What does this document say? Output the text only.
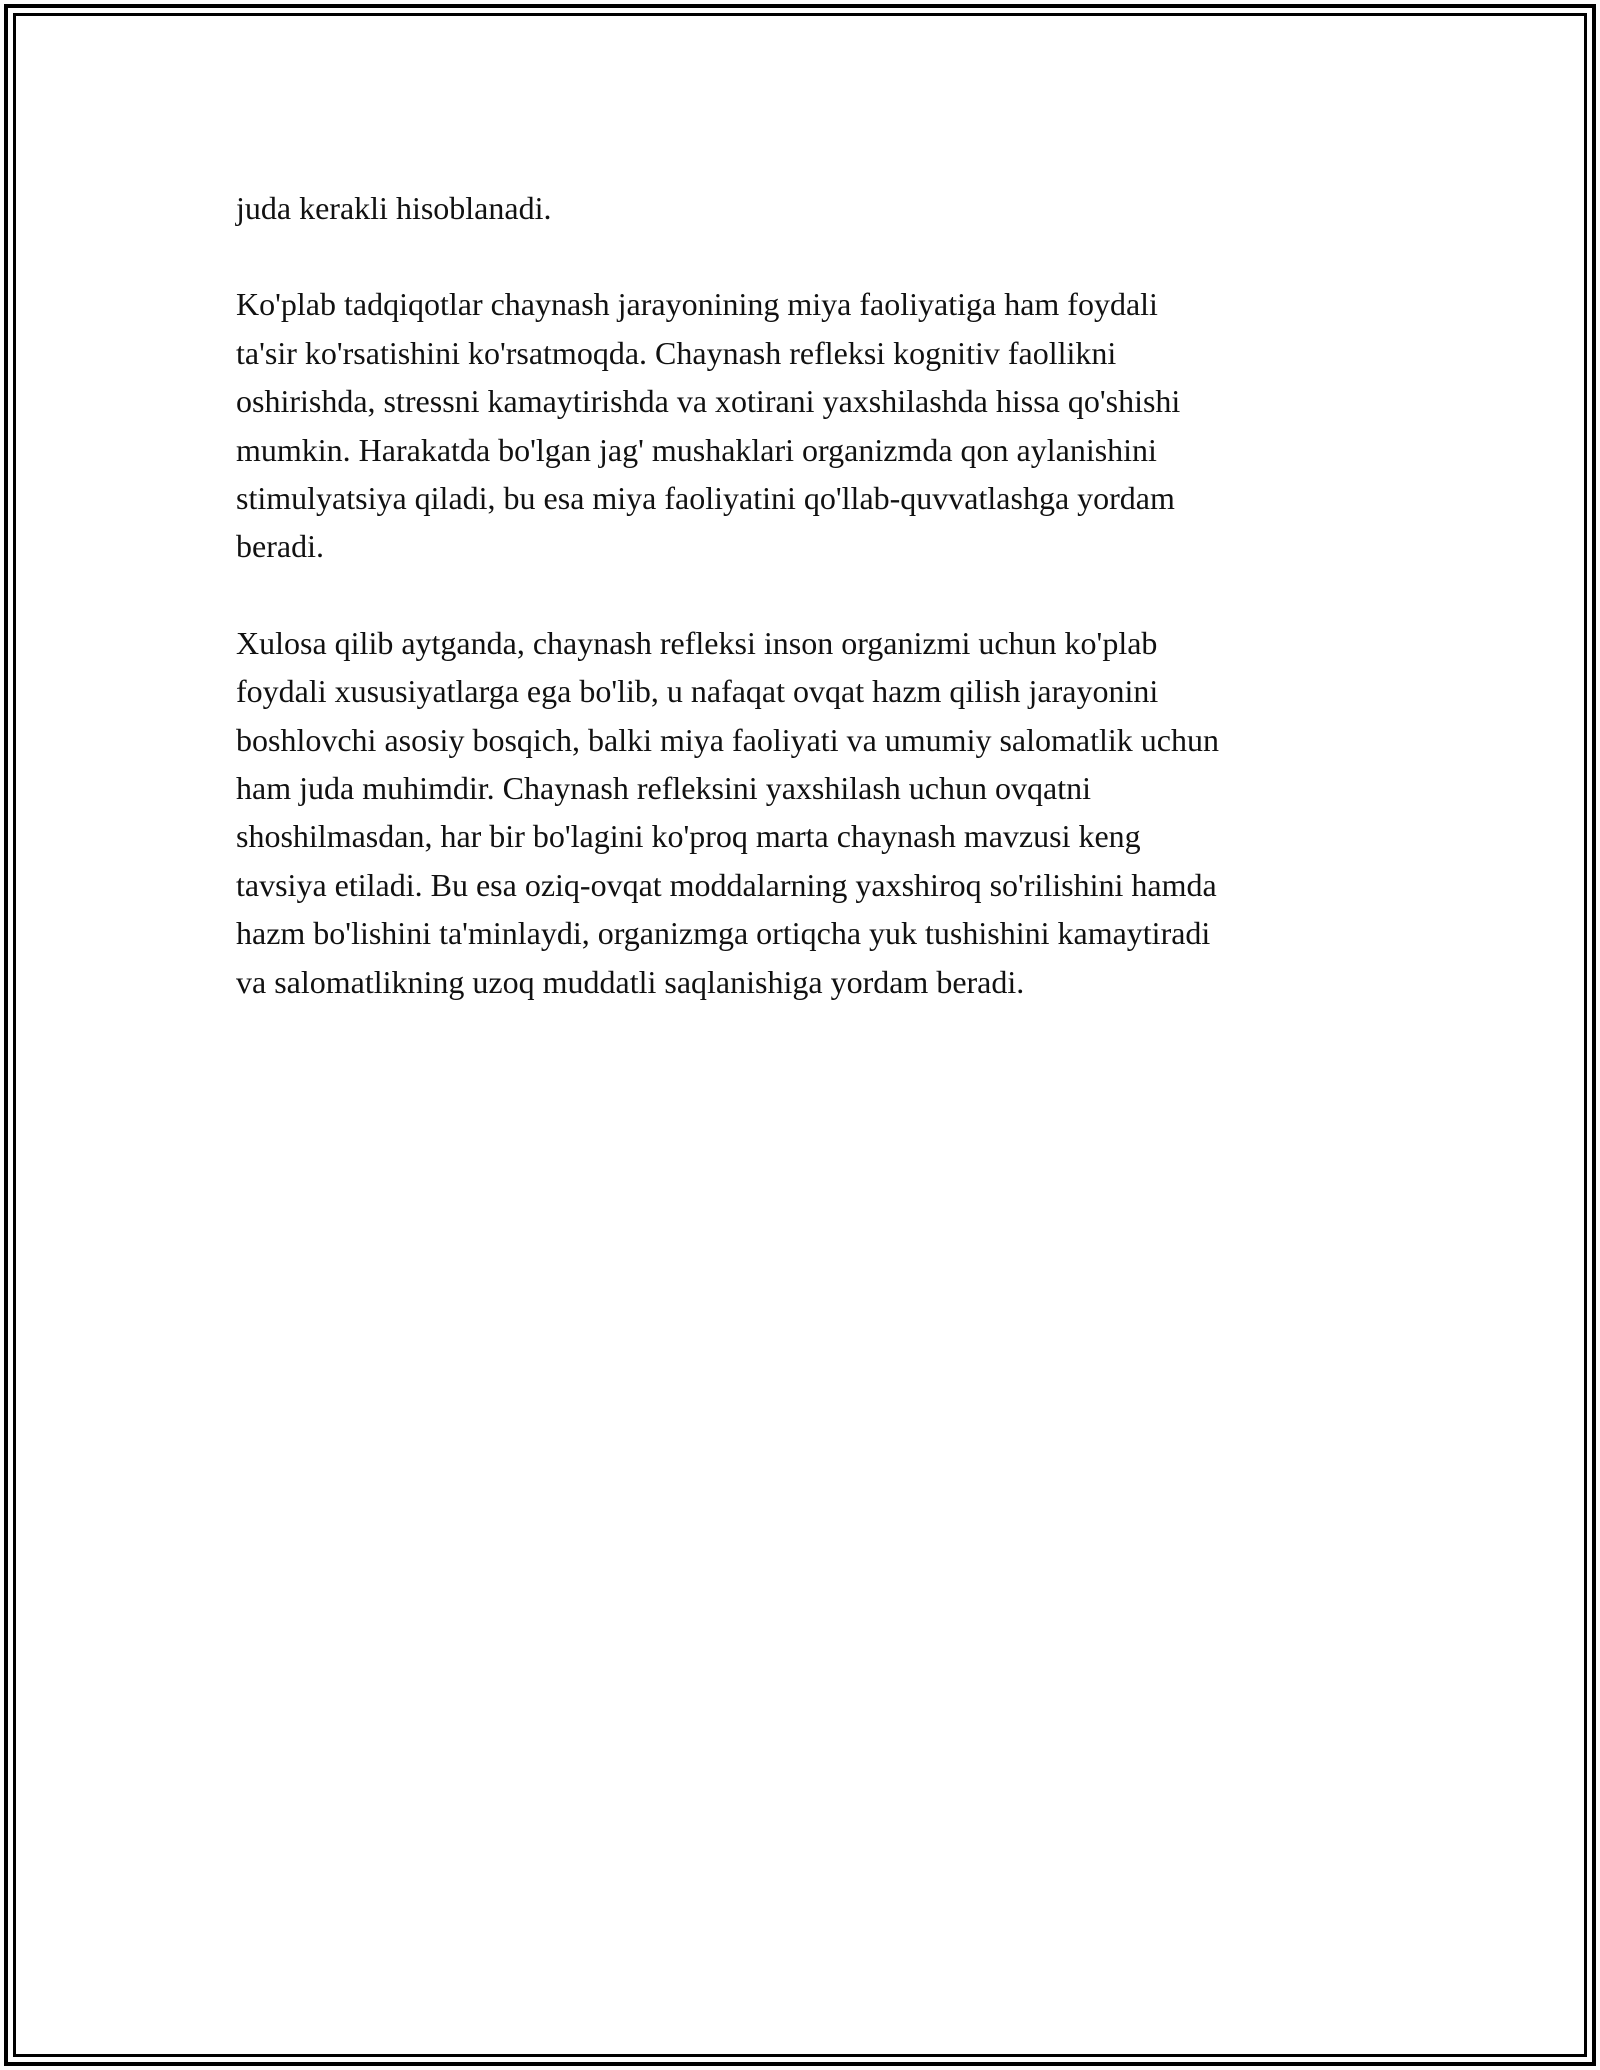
juda kerakli hisoblanadi.

Ko'plab tadqiqotlar chaynash jarayonining miya faoliyatiga ham foydali
ta'sir ko'rsatishini ko'rsatmoqda. Chaynash refleksi kognitiv faollikni
oshirishda, stressni kamaytirishda va xotirani yaxshilashda hissa qo'shishi
mumkin. Harakatda bo'lgan jag' mushaklari organizmda qon aylanishini
stimulyatsiya qiladi, bu esa miya faoliyatini qo'llab-quvvatlashga yordam
beradi.

Xulosa qilib aytganda, chaynash refleksi inson organizmi uchun ko'plab
foydali xususiyatlarga ega bo'lib, u nafaqat ovqat hazm qilish jarayonini
boshlovchi asosiy bosqich, balki miya faoliyati va umumiy salomatlik uchun
ham juda muhimdir. Chaynash refleksini yaxshilash uchun ovqatni
shoshilmasdan, har bir bo'lagini ko'proq marta chaynash mavzusi keng
tavsiya etiladi. Bu esa oziq-ovqat moddalarning yaxshiroq so'rilishini hamda
hazm bo'lishini ta'minlaydi, organizmga ortiqcha yuk tushishini kamaytiradi
va salomatlikning uzoq muddatli saqlanishiga yordam beradi.
